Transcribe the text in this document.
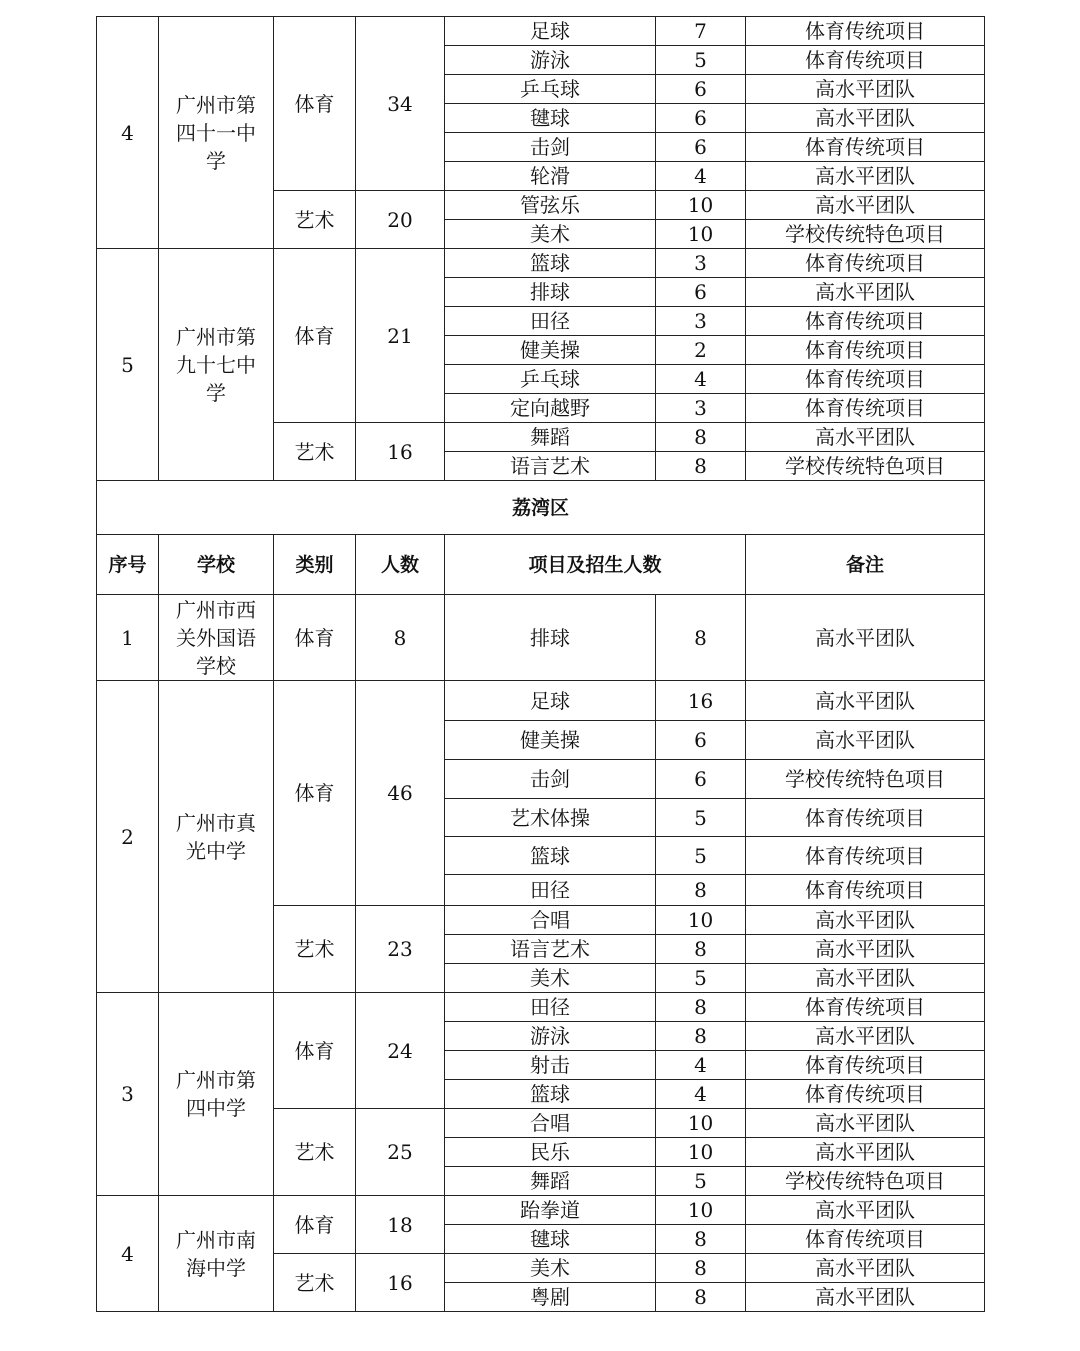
4	广州市第四十一中学	体育	34	足球	7	体育传统项目
				游泳	5	体育传统项目
				乒乓球	6	高水平团队
				毽球	6	高水平团队
				击剑	6	体育传统项目
				轮滑	4	高水平团队
		艺术	20	管弦乐	10	高水平团队
				美术	10	学校传统特色项目
5	广州市第九十七中学	体育	21	篮球	3	体育传统项目
				排球	6	高水平团队
				田径	3	体育传统项目
				健美操	2	体育传统项目
				乒乓球	4	体育传统项目
				定向越野	3	体育传统项目
		艺术	16	舞蹈	8	高水平团队
				语言艺术	8	学校传统特色项目
荔湾区						
序号	学校	类别	人数	项目及招生人数		备注
1	广州市西关外国语学校	体育	8	排球	8	高水平团队
2	广州市真光中学	体育	46	足球	16	高水平团队
				健美操	6	高水平团队
				击剑	6	学校传统特色项目
				艺术体操	5	体育传统项目
				篮球	5	体育传统项目
				田径	8	体育传统项目
		艺术	23	合唱	10	高水平团队
				语言艺术	8	高水平团队
				美术	5	高水平团队
3	广州市第四中学	体育	24	田径	8	体育传统项目
				游泳	8	高水平团队
				射击	4	体育传统项目
				篮球	4	体育传统项目
		艺术	25	合唱	10	高水平团队
				民乐	10	高水平团队
				舞蹈	5	学校传统特色项目
4	广州市南海中学	体育	18	跆拳道	10	高水平团队
				毽球	8	体育传统项目
		艺术	16	美术	8	高水平团队
				粤剧	8	高水平团队
